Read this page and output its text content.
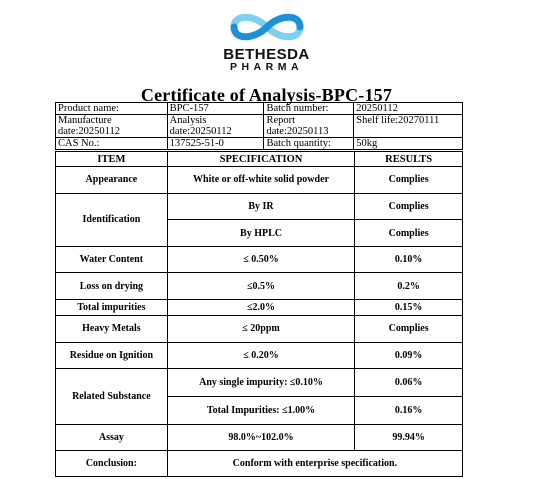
BETHESDA
PHARMA
Certificate of Analysis-BPC-157
Product name:	BPC-157	Batch number:	20250112
Manufacture date:20250112	Analysis date:20250112	Report date:20250113	Shelf life:20270111
CAS No.:	137525-51-0	Batch quantity:	50kg
ITEM	SPECIFICATION	RESULTS
Appearance	White or off-white solid powder	Complies
Identification	By IR	Complies
	By HPLC	Complies
Water Content	≤ 0.50%	0.10%
Loss on drying	≤0.5%	0.2%
Total impurities	≤2.0%	0.15%
Heavy Metals	≤ 20ppm	Complies
Residue on Ignition	≤ 0.20%	0.09%
Related Substance	Any single impurity: ≤0.10%	0.06%
	Total Impurities: ≤1.00%	0.16%
Assay	98.0%~102.0%	99.94%
Conclusion:	Conform with enterprise specification.	
